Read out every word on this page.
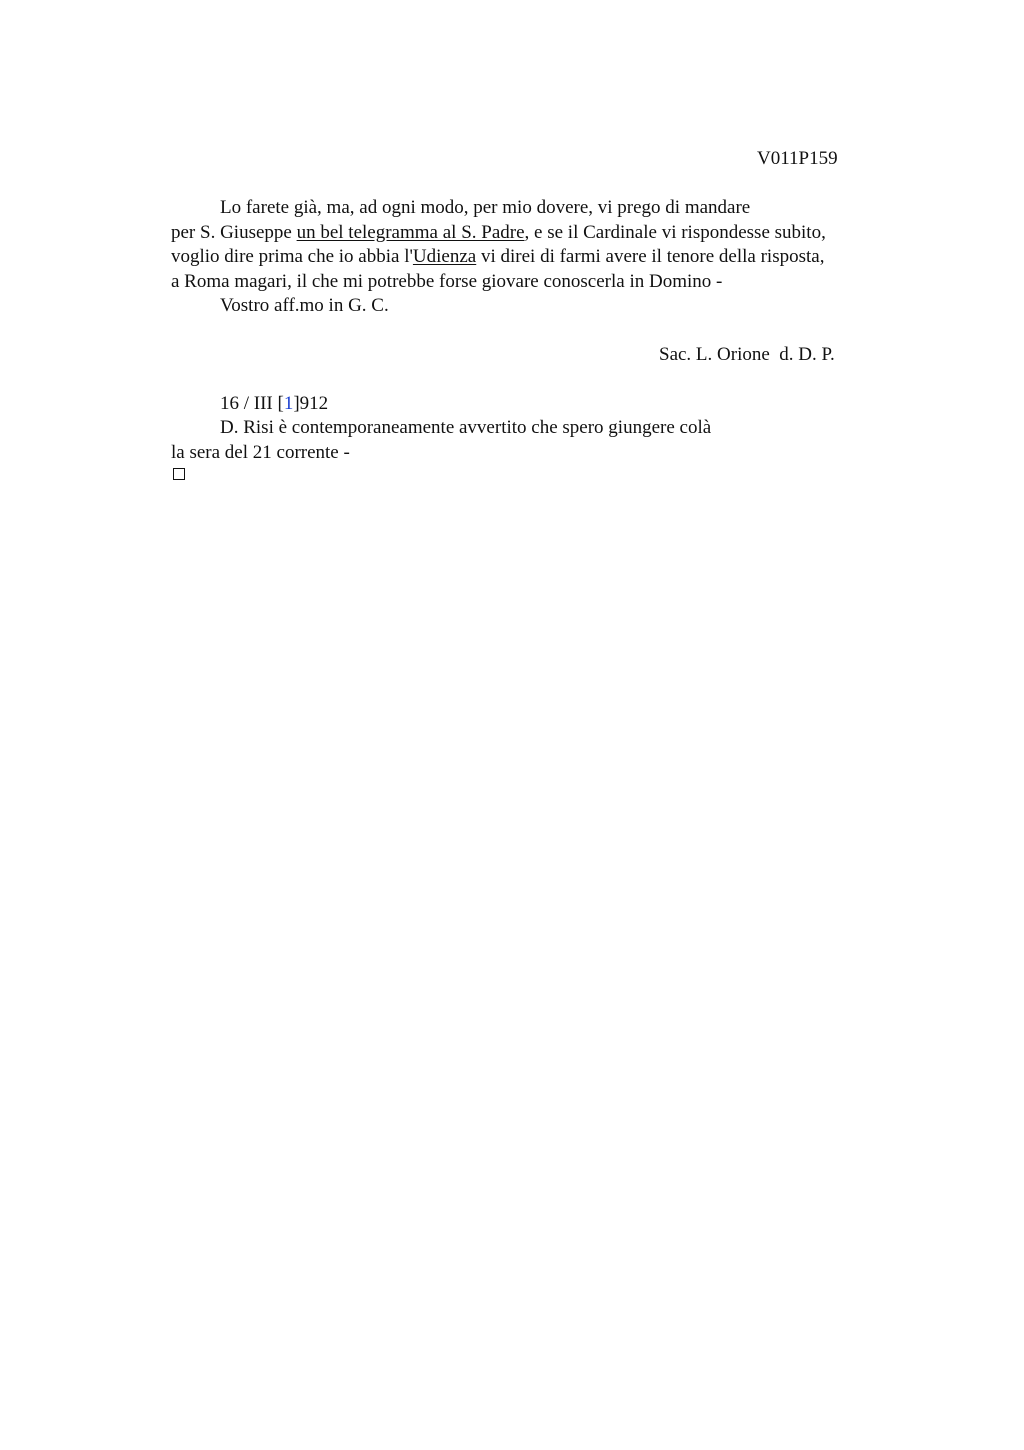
V011P159
Lo farete già, ma, ad ogni modo, per mio dovere, vi prego di mandare
per S. Giuseppe un bel telegramma al S. Padre, e se il Cardinale vi rispondesse subito,
voglio dire prima che io abbia l'Udienza vi direi di farmi avere il tenore della risposta,
a Roma magari, il che mi potrebbe forse giovare conoscerla in Domino -
Vostro aff.mo in G. C.
Sac. L. Orione  d. D. P.
16 / III [1]912
D. Risi è contemporaneamente avvertito che spero giungere colà
la sera del 21 corrente -
